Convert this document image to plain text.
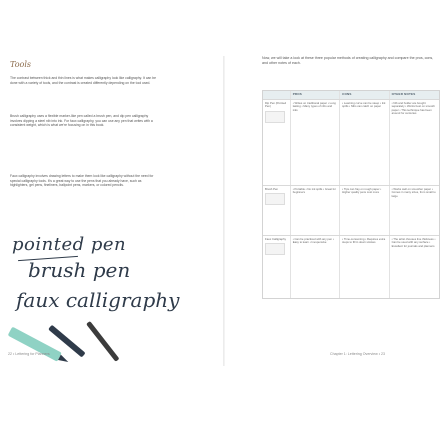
Tools

The contrast between thick and thin lines is what makes calligraphy look like calligraphy. It can be done with a variety of tools, and the contrast is created differently depending on the tool used.

Brush calligraphy uses a flexible marker-like pen called a brush pen, and dip pen calligraphy involves dipping a steel nib into ink. For faux calligraphy, you can use any pen that writes with a consistent weight, which is what we're focusing on in this book.

Faux calligraphy involves drawing letters to make them look like calligraphy without the need for special calligraphy tools. It's a great way to use the pens that you already have, such as highlighters, gel pens, fineliners, ballpoint pens, markers, or colored pencils.

pointed pen
brush pen
faux calligraphy

Now, we will take a look at these three popular methods of creating calligraphy and compare the pros, cons, and other notes of each.

PROS	CONS	OTHER NOTES
Dip Pen (Pointed Pen)
• Writes on traditional paper • Long lasting • Many types of nibs and inks
• Learning curve can be steep • Ink spills • Nibs can catch on paper
• Nib and holder are bought separately • Works best on smooth paper • This technique has been around for centuries
Brush Pen	• Portable • No ink spills • Great for beginners
• Tips can fray on rough paper • Higher quality pens cost more
• Works well on smoother paper • Comes in many sizes, from small to large
Faux Calligraphy	• Can be practiced with any pen • Easy to learn • Inexpensive
• Time-consuming • Requires extra steps to fill in down strokes
• The artist chooses line thickness • Can be used with any surface • Excellent for journals and planners
22 • Lettering for Planners	Chapter 1: Lettering Overview • 23
